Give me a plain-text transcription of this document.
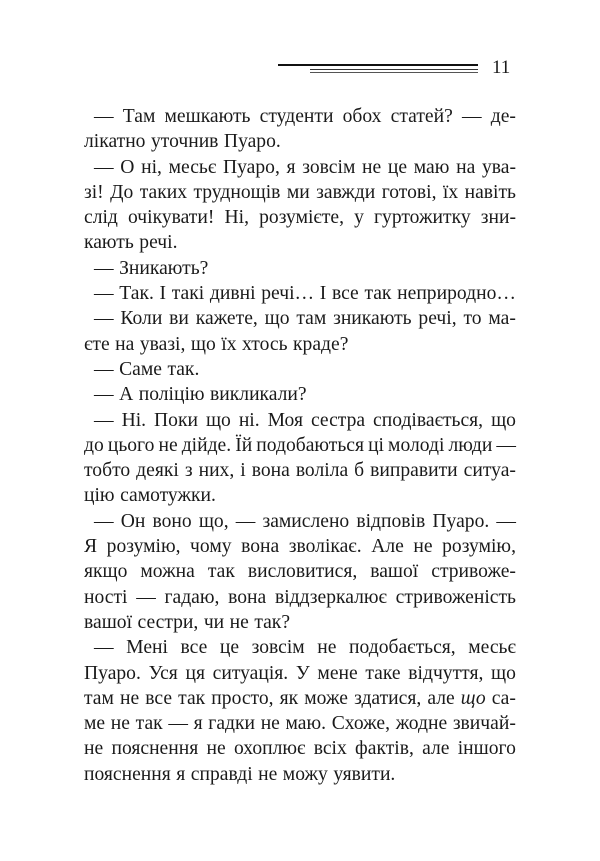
11
— Там мешкають студенти обох статей? — де-
лікатно уточнив Пуаро.
— О ні, месьє Пуаро, я зовсім не це маю на ува-
зі! До таких труднощів ми завжди готові, їх навіть
слід очікувати! Ні, розумієте, у гуртожитку зни-
кають речі.
— Зникають?
— Так. І такі дивні речі… І все так неприродно…
— Коли ви кажете, що там зникають речі, то ма-
єте на увазі, що їх хтось краде?
— Саме так.
— А поліцію викликали?
— Ні. Поки що ні. Моя сестра сподівається, що
до цього не дійде. Їй подобаються ці молоді люди —
тобто деякі з них, і вона воліла б виправити ситуа-
цію самотужки.
— Он воно що, — замислено відповів Пуаро. —
Я розумію, чому вона зволікає. Але не розумію,
якщо можна так висловитися, вашої стривоже-
ності — гадаю, вона віддзеркалює стривоженість
вашої сестри, чи не так?
— Мені все це зовсім не подобається, месьє
Пуаро. Уся ця ситуація. У мене таке відчуття, що
там не все так просто, як може здатися, але що са-
ме не так — я гадки не маю. Схоже, жодне звичай-
не пояснення не охоплює всіх фактів, але іншого
пояснення я справді не можу уявити.
